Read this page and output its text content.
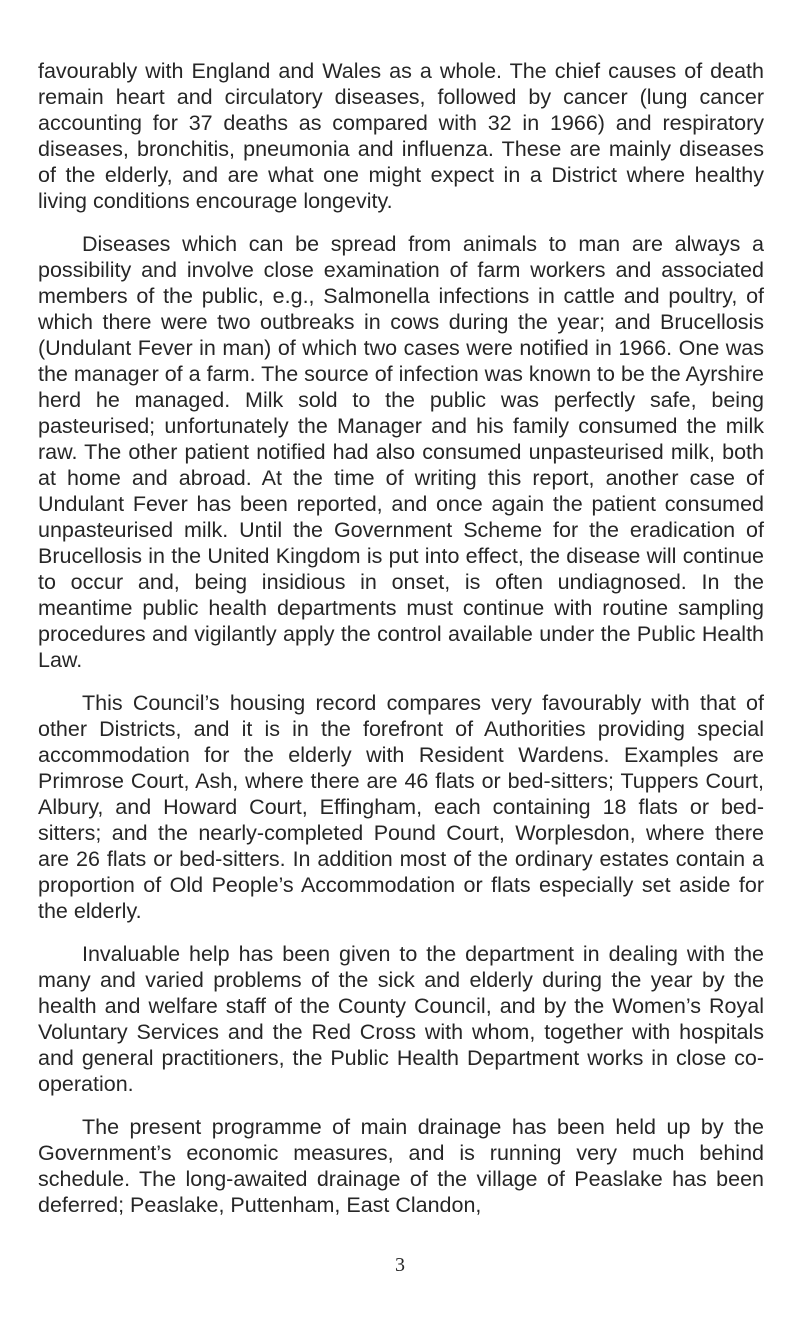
favourably with England and Wales as a whole. The chief causes of death remain heart and circulatory diseases, followed by cancer (lung cancer accounting for 37 deaths as compared with 32 in 1966) and respiratory diseases, bronchitis, pneumonia and influenza. These are mainly diseases of the elderly, and are what one might expect in a District where healthy living conditions encourage longevity.

Diseases which can be spread from animals to man are always a possibility and involve close examination of farm workers and associated members of the public, e.g., Salmonella infections in cattle and poultry, of which there were two outbreaks in cows during the year; and Brucellosis (Undulant Fever in man) of which two cases were notified in 1966. One was the manager of a farm. The source of infection was known to be the Ayrshire herd he managed. Milk sold to the public was perfectly safe, being pasteurised; unfortunately the Manager and his family consumed the milk raw. The other patient notified had also consumed unpasteurised milk, both at home and abroad. At the time of writing this report, another case of Undulant Fever has been reported, and once again the patient consumed unpasteurised milk. Until the Government Scheme for the eradication of Brucellosis in the United Kingdom is put into effect, the disease will continue to occur and, being insidious in onset, is often undiagnosed. In the meantime public health departments must continue with routine sampling procedures and vigilantly apply the control available under the Public Health Law.

This Council’s housing record compares very favourably with that of other Districts, and it is in the forefront of Authorities providing special accommodation for the elderly with Resident Wardens. Examples are Primrose Court, Ash, where there are 46 flats or bed-sitters; Tuppers Court, Albury, and Howard Court, Effingham, each containing 18 flats or bed-sitters; and the nearly-completed Pound Court, Worplesdon, where there are 26 flats or bed-sitters. In addition most of the ordinary estates contain a proportion of Old People’s Accommodation or flats especially set aside for the elderly.

Invaluable help has been given to the department in dealing with the many and varied problems of the sick and elderly during the year by the health and welfare staff of the County Council, and by the Women’s Royal Voluntary Services and the Red Cross with whom, together with hospitals and general practitioners, the Public Health Department works in close co-operation.

The present programme of main drainage has been held up by the Government’s economic measures, and is running very much behind schedule. The long-awaited drainage of the village of Peaslake has been deferred; Peaslake, Puttenham, East Clandon,

3
